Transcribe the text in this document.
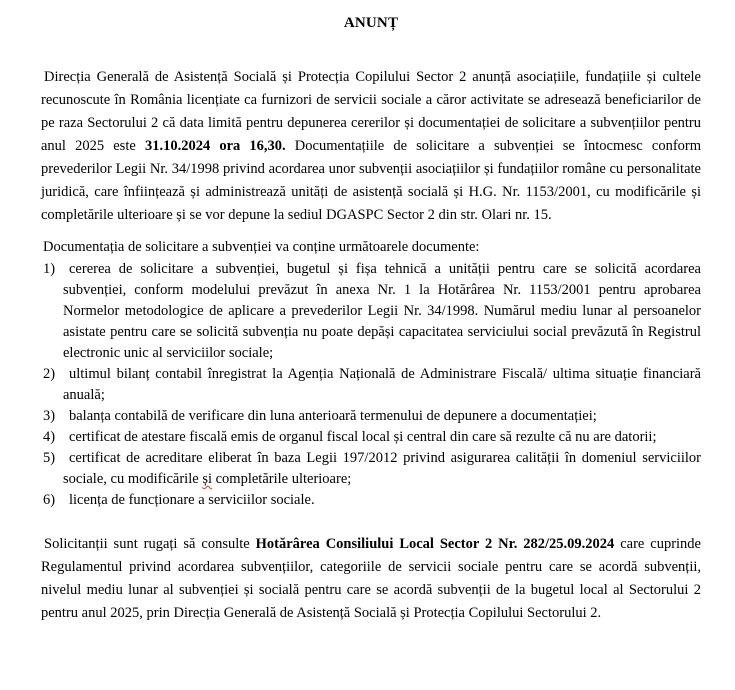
ANUNȚ

Direcția Generală de Asistență Socială și Protecția Copilului Sector 2 anunță asociațiile, fundațiile și cultele recunoscute în România licențiate ca furnizori de servicii sociale a căror activitate se adresează beneficiarilor de pe raza Sectorului 2 că data limită pentru depunerea cererilor și documentației de solicitare a subvențiilor pentru anul 2025 este 31.10.2024 ora 16,30. Documentațiile de solicitare a subvenției se întocmesc conform prevederilor Legii Nr. 34/1998 privind acordarea unor subvenții asociațiilor și fundațiilor române cu personalitate juridică, care înființează și administrează unități de asistență socială și H.G. Nr. 1153/2001, cu modificările și completările ulterioare și se vor depune la sediul DGASPC Sector 2 din str. Olari nr. 15.

Documentația de solicitare a subvenției va conține următoarele documente:

1) cererea de solicitare a subvenției, bugetul și fișa tehnică a unității pentru care se solicită acordarea subvenției, conform modelului prevăzut în anexa Nr. 1 la Hotărârea Nr. 1153/2001 pentru aprobarea Normelor metodologice de aplicare a prevederilor Legii Nr. 34/1998. Numărul mediu lunar al persoanelor asistate pentru care se solicită subvenția nu poate depăși capacitatea serviciului social prevăzută în Registrul electronic unic al serviciilor sociale;
2) ultimul bilanț contabil înregistrat la Agenția Națională de Administrare Fiscală/ ultima situație financiară anuală;
3) balanța contabilă de verificare din luna anterioară termenului de depunere a documentației;
4) certificat de atestare fiscală emis de organul fiscal local și central din care să rezulte că nu are datorii;
5) certificat de acreditare eliberat în baza Legii 197/2012 privind asigurarea calității în domeniul serviciilor sociale, cu modificările și completările ulterioare;
6) licența de funcționare a serviciilor sociale.

Solicitanții sunt rugați să consulte Hotărârea Consiliului Local Sector 2 Nr. 282/25.09.2024 care cuprinde Regulamentul privind acordarea subvențiilor, categoriile de servicii sociale pentru care se acordă subvenții, nivelul mediu lunar al subvenției și socială pentru care se acordă subvenții de la bugetul local al Sectorului 2 pentru anul 2025, prin Direcția Generală de Asistență Socială și Protecția Copilului Sectorului 2.
